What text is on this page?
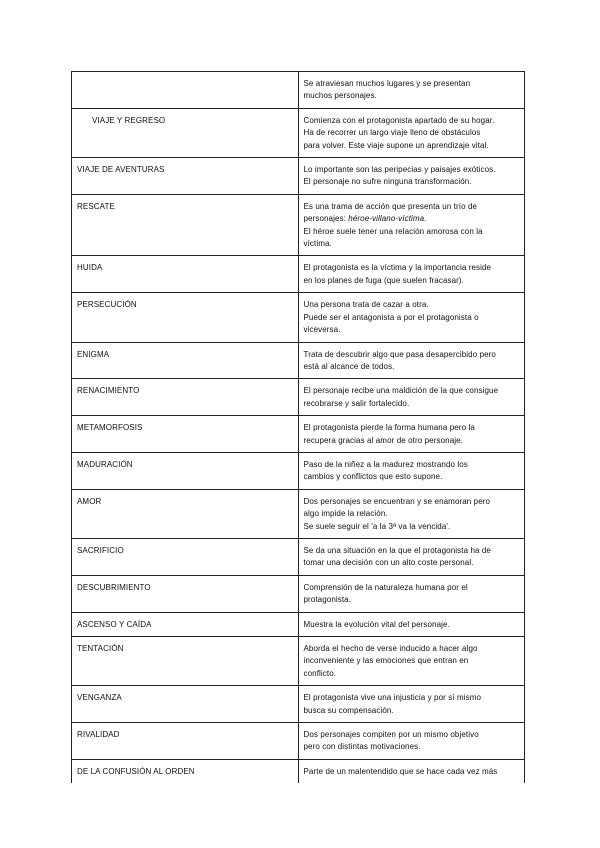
	Se atraviesan muchos lugares y se presentan
muchos personajes.

VIAJE Y REGRESO	Comienza con el protagonista apartado de su hogar.
Ha de recorrer un largo viaje lleno de obstáculos
para volver. Este viaje supone un aprendizaje vital.

VIAJE DE AVENTURAS	Lo importante son las peripecias y paisajes exóticos.
El personaje no sufre ninguna transformación.

RESCATE	Es una trama de acción que presenta un trío de
personajes: héroe-villano-víctima.
El héroe suele tener una relación amorosa con la
víctima.

HUIDA	El protagonista es la víctima y la importancia reside
en los planes de fuga (que suelen fracasar).

PERSECUCIÓN	Una persona trata de cazar a otra.
Puede ser el antagonista a por el protagonista o
viceversa.

ENIGMA	Trata de descubrir algo que pasa desapercibido pero
está al alcance de todos.

RENACIMIENTO	El personaje recibe una maldición de la que consigue
recobrarse y salir fortalecido.

METAMORFOSIS	El protagonista pierde la forma humana pero la
recupera gracias al amor de otro personaje.

MADURACIÓN	Paso de la niñez a la madurez mostrando los
cambios y conflictos que esto supone.

AMOR	Dos personajes se encuentran y se enamoran pero
algo impide la relación.
Se suele seguir el 'a la 3ª va la vencida'.

SACRIFICIO	Se da una situación en la que el protagonista ha de
tomar una decisión con un alto coste personal.

DESCUBRIMIENTO	Comprensión de la naturaleza humana por el
protagonista.

ASCENSO Y CAÍDA	Muestra la evolución vital del personaje.

TENTACIÓN	Aborda el hecho de verse inducido a hacer algo
inconveniente y las emociones que entran en
conflicto.

VENGANZA	El protagonista vive una injusticia y por sí mismo
busca su compensación.

RIVALIDAD	Dos personajes compiten por un mismo objetivo
pero con distintas motivaciones.

DE LA CONFUSIÓN AL ORDEN	Parte de un malentendido que se hace cada vez más
